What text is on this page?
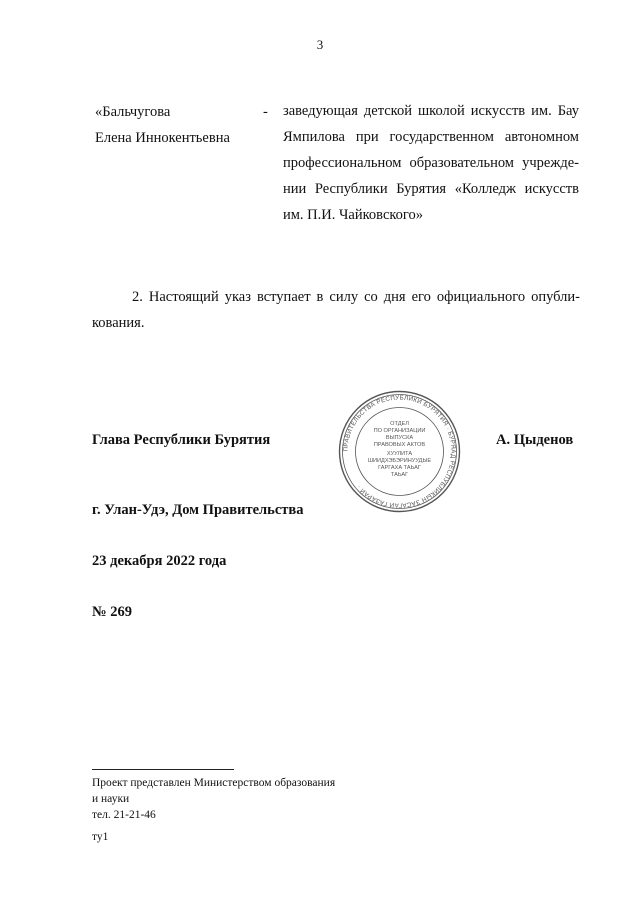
3
«Бальчугова
Елена Иннокентьевна
- заведующая детской школой искусств им. Бау
Ямпилова при государственном автономном
профессиональном образовательном учрежде-
нии Республики Бурятия «Колледж искусств
им. П.И. Чайковского»
2. Настоящий указ вступает в силу со дня его официального опубли-
кования.
Глава Республики Бурятия	А. Цыденов
ПРАВИТЕЛЬСТВА РЕСПУБЛИКИ БУРЯТИЯ · БУРЯАД РЕСПУБЛИКЫН ЗАСАГАЙ ГАЗАРАЙ ·
ОТДЕЛ
ПО ОРГАНИЗАЦИИ
ВЫПУСКА
ПРАВОВЫХ АКТОВ
ХУУЛИТА
ШИИДХЭБЭРИНУУДЫЕ
ГАРГАХА ТАЬАГ
ТАЬАГ
г. Улан-Удэ, Дом Правительства
23 декабря 2022 года
№ 269
Проект представлен Министерством образования
и науки
тел. 21-21-46
ту1
